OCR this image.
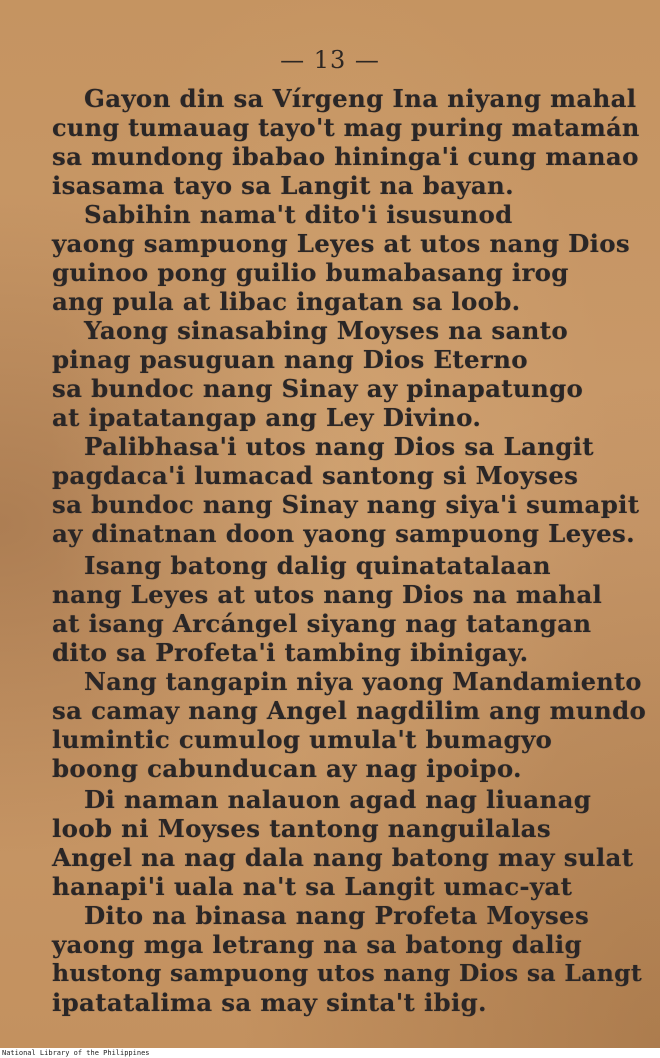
— 13 —
Gayon din sa Vírgeng Ina niyang mahal
cung tumauag tayo't mag puring matamán
sa mundong ibabao hininga'i cung manao
isasama tayo sa Langit na bayan.
Sabihin nama't dito'i isusunod
yaong sampuong Leyes at utos nang Dios
guinoo pong guilio bumabasang irog
ang pula at libac ingatan sa loob.
Yaong sinasabing Moyses na santo
pinag pasuguan nang Dios Eterno
sa bundoc nang Sinay ay pinapatungo
at ipatatangap ang Ley Divino.
Palibhasa'i utos nang Dios sa Langit
pagdaca'i lumacad santong si Moyses
sa bundoc nang Sinay nang siya'i sumapit
ay dinatnan doon yaong sampuong Leyes.
Isang batong dalig quinatatalaan
nang Leyes at utos nang Dios na mahal
at isang Arcángel siyang nag tatangan
dito sa Profeta'i tambing ibinigay.
Nang tangapin niya yaong Mandamiento
sa camay nang Angel nagdilim ang mundo
lumintic cumulog umula't bumagyo
boong cabunducan ay nag ipoipo.
Di naman nalauon agad nag liuanag
loob ni Moyses tantong nanguilalas
Angel na nag dala nang batong may sulat
hanapi'i uala na't sa Langit umac-yat
Dito na binasa nang Profeta Moyses
yaong mga letrang na sa batong dalig
hustong sampuong utos nang Dios sa Langt
ipatatalima sa may sinta't ibig.
National Library of the Philippines
